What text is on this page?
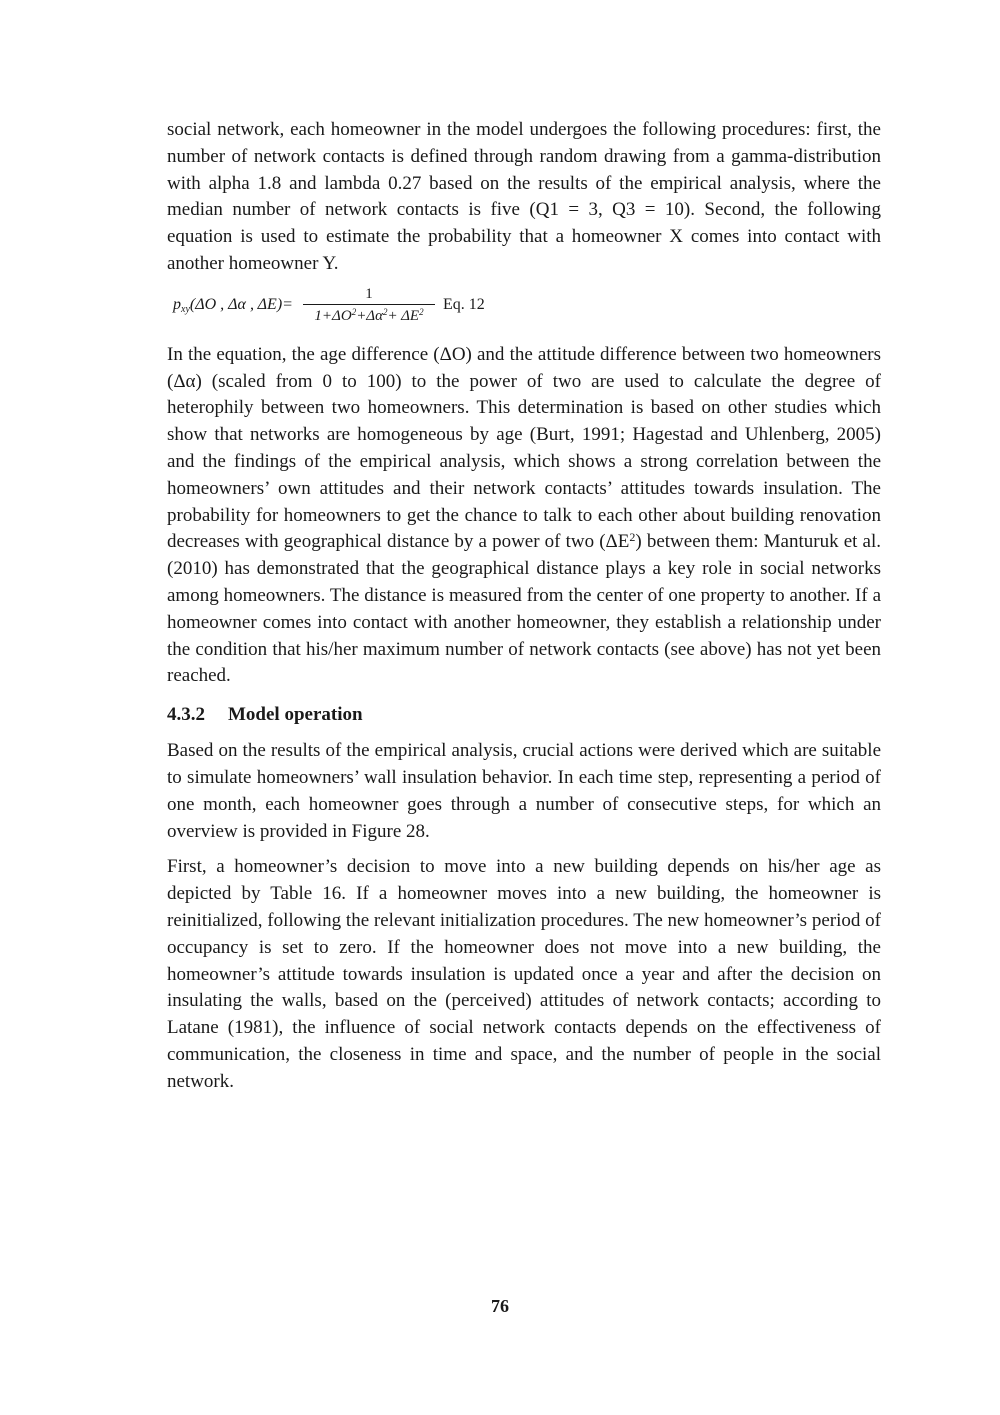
social network, each homeowner in the model undergoes the following procedures: first, the number of network contacts is defined through random drawing from a gamma-distribution with alpha 1.8 and lambda 0.27 based on the results of the empirical analysis, where the median number of network contacts is five (Q1 = 3, Q3 = 10). Second, the following equation is used to estimate the probability that a homeowner X comes into contact with another homeowner Y.

$p_{xy}(\Delta O$ , Δα , ΔE)=
1
$1+\Delta O^2+\Delta\alpha^2+ \Delta E^2$	Eq. 12

In the equation, the age difference (ΔO) and the attitude difference between two homeowners (Δα) (scaled from 0 to 100) to the power of two are used to calculate the degree of heterophily between two homeowners. This determination is based on other studies which show that networks are homogeneous by age (Burt, 1991; Hagestad and Uhlenberg, 2005) and the findings of the empirical analysis, which shows a strong correlation between the homeowners’ own attitudes and their network contacts’ attitudes towards insulation. The probability for homeowners to get the chance to talk to each other about building renovation decreases with geographical distance by a power of two $(\Delta E^2)$ between them: Manturuk et al. (2010) has demonstrated that the geographical distance plays a key role in social networks among homeowners. The distance is measured from the center of one property to another. If a homeowner comes into contact with another homeowner, they establish a relationship under the condition that his/her maximum number of network contacts (see above) has not yet been reached.

4.3.2 Model operation

Based on the results of the empirical analysis, crucial actions were derived which are suitable to simulate homeowners’ wall insulation behavior. In each time step, representing a period of one month, each homeowner goes through a number of consecutive steps, for which an overview is provided in Figure 28.

First, a homeowner’s decision to move into a new building depends on his/her age as depicted by Table 16. If a homeowner moves into a new building, the homeowner is reinitialized, following the relevant initialization procedures. The new homeowner’s period of occupancy is set to zero. If the homeowner does not move into a new building, the homeowner’s attitude towards insulation is updated once a year and after the decision on insulating the walls, based on the (perceived) attitudes of network contacts; according to Latane (1981), the influence of social network contacts depends on the effectiveness of communication, the closeness in time and space, and the number of people in the social network.

76
